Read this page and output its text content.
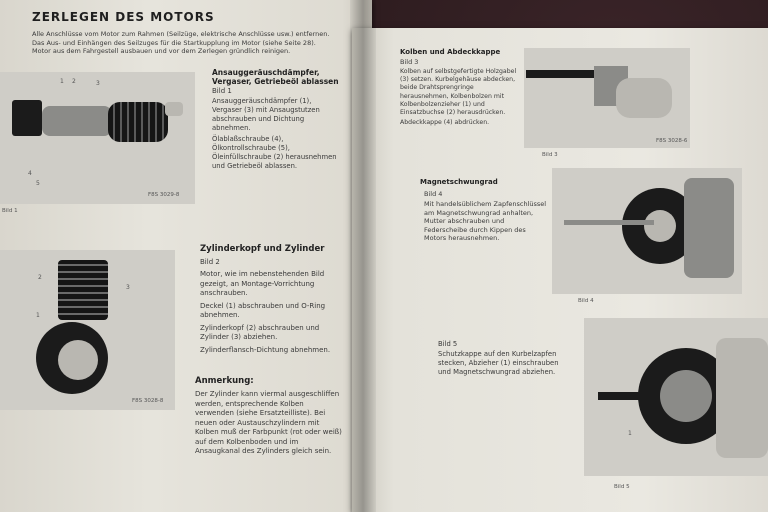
ZERLEGEN DES MOTORS
Alle Anschlüsse vom Motor zum Rahmen (Seilzüge, elektrische Anschlüsse usw.) entfernen.
Das Aus- und Einhängen des Seilzuges für die Startkupplung im Motor (siehe Seite 28).
Motor aus dem Fahrgestell ausbauen und vor dem Zerlegen gründlich reinigen.
1 2	3
4
5
F8S 3029-8
Bild 1
Ansauggeräuschdämpfer, Vergaser, Getriebeöl ablassen
Bild 1
Ansauggeräuschdämpfer (1), Vergaser (3) mit Ansaugstutzen abschrauben und Dichtung abnehmen.
Ölablaßschraube (4), Ölkontrollschraube (5), Öleinfüllschraube (2) herausnehmen und Getriebeöl ablassen.
2
3
1
F8S 3028-8
Zylinderkopf und Zylinder
Bild 2
Motor, wie im nebenstehenden Bild gezeigt, an Montage-Vorrichtung anschrauben.
Deckel (1) abschrauben und O-Ring abnehmen.
Zylinderkopf (2) abschrauben und Zylinder (3) abziehen.
Zylinderflansch-Dichtung abnehmen.
Anmerkung:
Der Zylinder kann viermal ausgeschliffen werden, entsprechende Kolben verwenden (siehe Ersatzteilliste). Bei neuen oder Austauschzylindern mit Kolben muß der Farbpunkt (rot oder weiß) auf dem Kolbenboden und im Ansaugkanal des Zylinders gleich sein.
Kolben und Abdeckkappe
Bild 3
Kolben auf selbstgefertigte Holzgabel (3) setzen. Kurbelgehäuse abdecken, beide Drahtsprengringe herausnehmen, Kolbenbolzen mit Kolbenbolzenzieher (1) und Einsatzbuchse (2) herausdrücken.
Abdeckkappe (4) abdrücken.
F8S 3028-6
Bild 3
Magnetschwungrad
Bild 4
Mit handelsüblichem Zapfenschlüssel am Magnetschwungrad anhalten, Mutter abschrauben und Federscheibe durch Kippen des Motors herausnehmen.
Bild 4
Bild 5
Schutzkappe auf den Kurbelzapfen stecken, Abzieher (1) einschrauben und Magnetschwungrad abziehen.
1
Bild 5
